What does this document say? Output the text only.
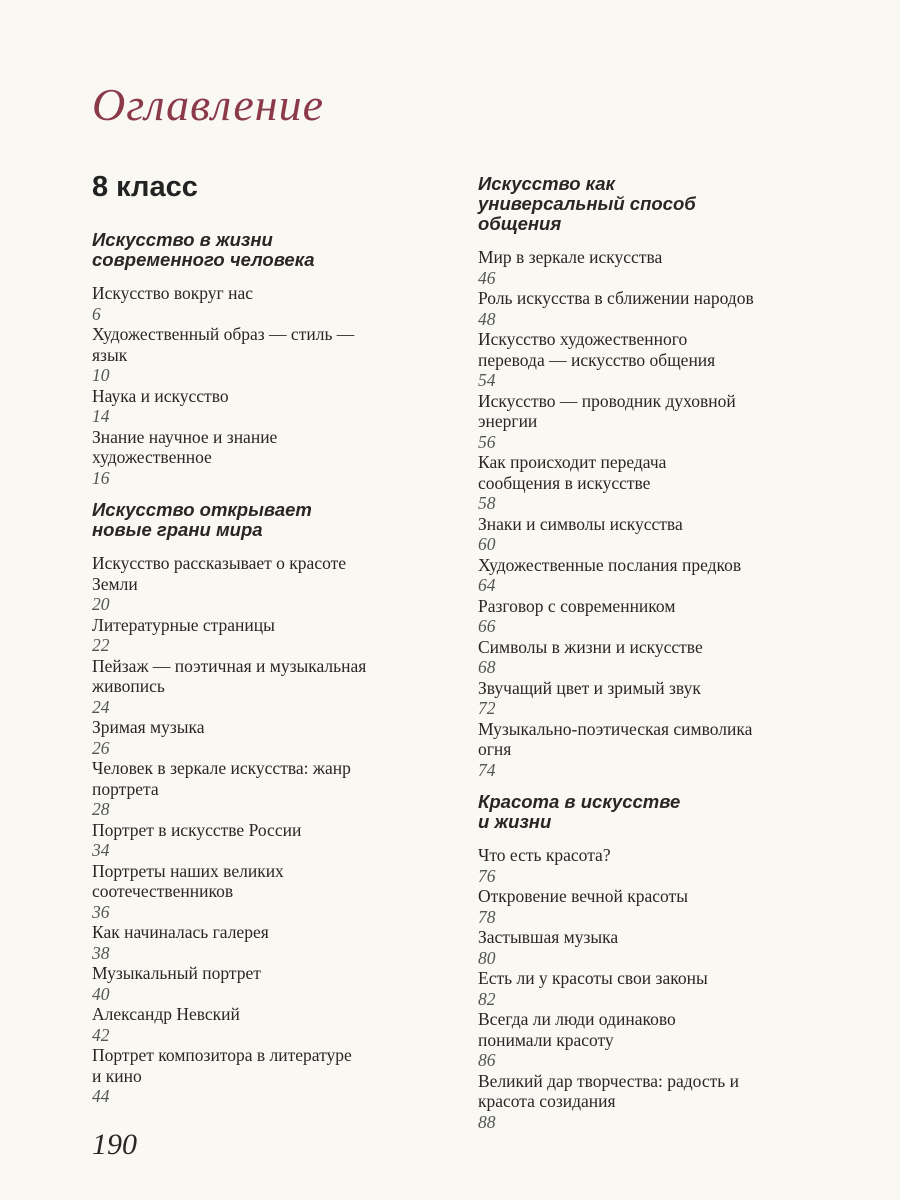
Оглавление
8 класс
Искусство в жизни
современного человека
Искусство вокруг нас
6
Художественный образ — стиль —
язык
10
Наука и искусство
14
Знание научное и знание
художественное
16
Искусство открывает
новые грани мира
Искусство рассказывает о красоте
Земли
20
Литературные страницы
22
Пейзаж — поэтичная и музыкальная
живопись
24
Зримая музыка
26
Человек в зеркале искусства: жанр
портрета
28
Портрет в искусстве России
34
Портреты наших великих
соотечественников
36
Как начиналась галерея
38
Музыкальный портрет
40
Александр Невский
42
Портрет композитора в литературе
и кино
44
Искусство как
универсальный способ
общения
Мир в зеркале искусства
46
Роль искусства в сближении народов
48
Искусство художественного
перевода — искусство общения
54
Искусство — проводник духовной
энергии
56
Как происходит передача
сообщения в искусстве
58
Знаки и символы искусства
60
Художественные послания предков
64
Разговор с современником
66
Символы в жизни и искусстве
68
Звучащий цвет и зримый звук
72
Музыкально-поэтическая символика
огня
74
Красота в искусстве
и жизни
Что есть красота?
76
Откровение вечной красоты
78
Застывшая музыка
80
Есть ли у красоты свои законы
82
Всегда ли люди одинаково
понимали красоту
86
Великий дар творчества: радость и
красота созидания
88
190
